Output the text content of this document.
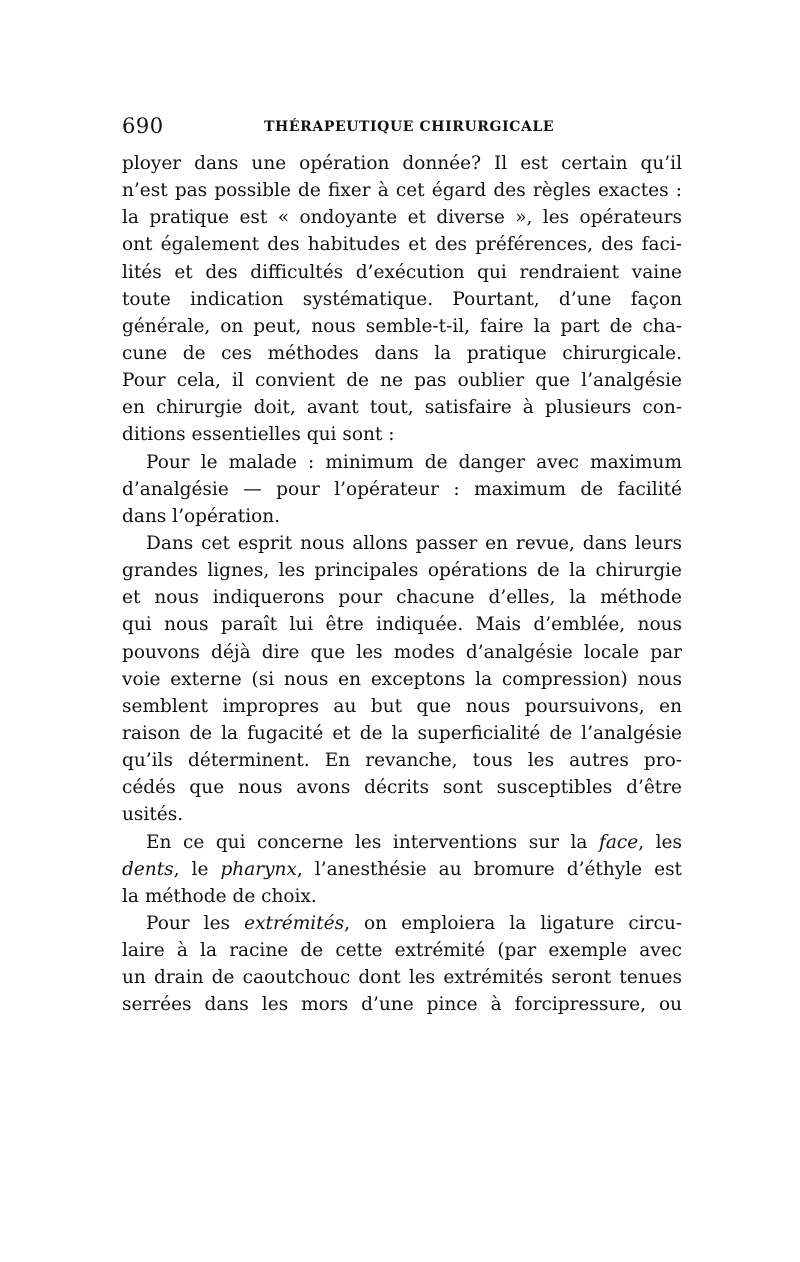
690	THÉRAPEUTIQUE CHIRURGICALE
ployer dans une opération donnée? Il est certain qu’il
n’est pas possible de fixer à cet égard des règles exactes :
la pratique est « ondoyante et diverse », les opérateurs
ont également des habitudes et des préférences, des faci-
lités et des difficultés d’exécution qui rendraient vaine
toute indication systématique. Pourtant, d’une façon
générale, on peut, nous semble-t-il, faire la part de cha-
cune de ces méthodes dans la pratique chirurgicale.
Pour cela, il convient de ne pas oublier que l’analgésie
en chirurgie doit, avant tout, satisfaire à plusieurs con-
ditions essentielles qui sont :
Pour le malade : minimum de danger avec maximum
d’analgésie — pour l’opérateur : maximum de facilité
dans l’opération.
Dans cet esprit nous allons passer en revue, dans leurs
grandes lignes, les principales opérations de la chirurgie
et nous indiquerons pour chacune d’elles, la méthode
qui nous paraît lui être indiquée. Mais d’emblée, nous
pouvons déjà dire que les modes d’analgésie locale par
voie externe (si nous en exceptons la compression) nous
semblent impropres au but que nous poursuivons, en
raison de la fugacité et de la superficialité de l’analgésie
qu’ils déterminent. En revanche, tous les autres pro-
cédés que nous avons décrits sont susceptibles d’être
usités.
En ce qui concerne les interventions sur la face, les
dents, le pharynx, l’anesthésie au bromure d’éthyle est
la méthode de choix.
Pour les extrémités, on emploiera la ligature circu-
laire à la racine de cette extrémité (par exemple avec
un drain de caoutchouc dont les extrémités seront tenues
serrées dans les mors d’une pince à forcipressure, ou
